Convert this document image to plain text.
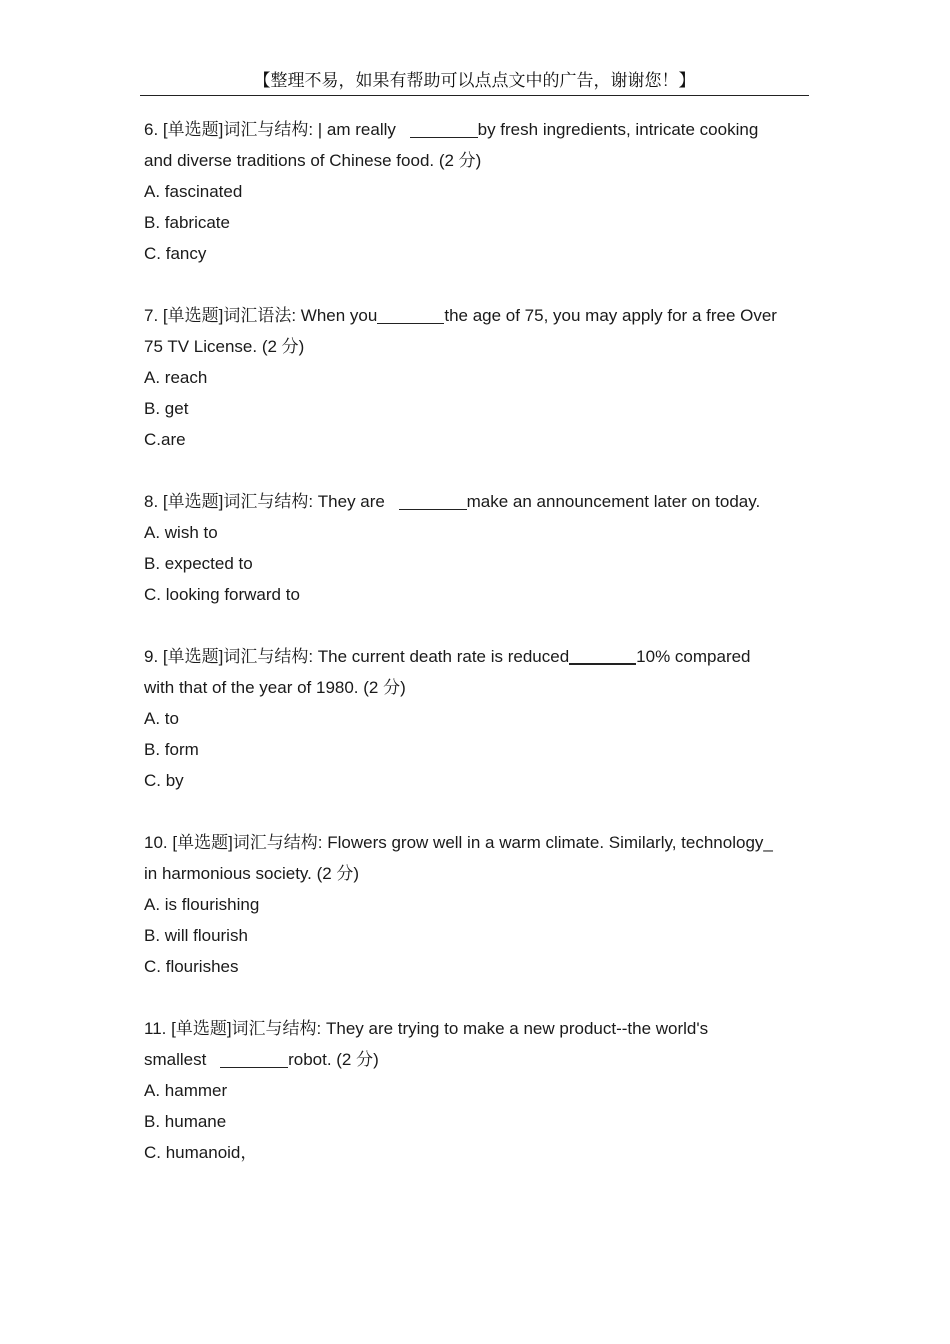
【整理不易，如果有帮助可以点点文中的广告，谢谢您！】
6. [单选题]词汇与结构: | am really	by fresh ingredients, intricate cooking
and diverse traditions of Chinese food. (2 分)
A. fascinated
B. fabricate
C. fancy
7. [单选题]词汇语法: When you	the age of 75, you may apply for a free Over
75 TV License. (2 分)
A. reach
B. get
C.are
8. [单选题]词汇与结构: They are	make an announcement later on today.
A. wish to
B. expected to
C. looking forward to
9. [单选题]词汇与结构: The current death rate is reduced	10% compared
with that of the year of 1980. (2 分)
A. to
B. form
C. by
10. [单选题]词汇与结构: Flowers grow well in a warm climate. Similarly, technology_
in harmonious society. (2 分)
A. is flourishing
B. will flourish
C. flourishes
11. [单选题]词汇与结构: They are trying to make a new product--the world's
smallest	robot. (2 分)
A. hammer
B. humane
C. humanoid，
